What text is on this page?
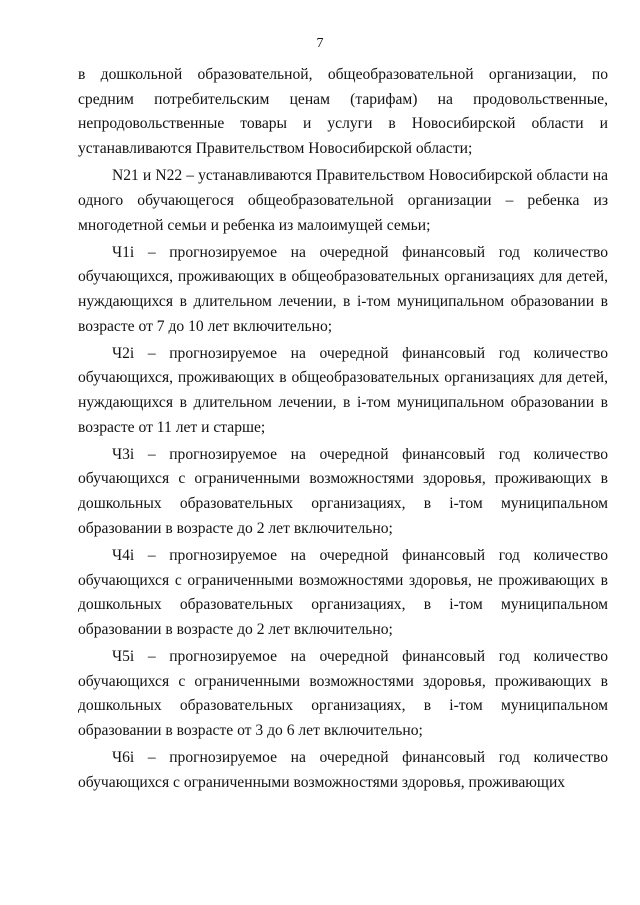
7

в дошкольной образовательной, общеобразовательной организации, по средним потребительским ценам (тарифам) на продовольственные, непродовольственные товары и услуги в Новосибирской области и устанавливаются Правительством Новосибирской области;

N21 и N22 – устанавливаются Правительством Новосибирской области на одного обучающегося общеобразовательной организации – ребенка из многодетной семьи и ребенка из малоимущей семьи;

Ч1i – прогнозируемое на очередной финансовый год количество обучающихся, проживающих в общеобразовательных организациях для детей, нуждающихся в длительном лечении, в i-том муниципальном образовании в возрасте от 7 до 10 лет включительно;

Ч2i – прогнозируемое на очередной финансовый год количество обучающихся, проживающих в общеобразовательных организациях для детей, нуждающихся в длительном лечении, в i-том муниципальном образовании в возрасте от 11 лет и старше;

Ч3i – прогнозируемое на очередной финансовый год количество обучающихся с ограниченными возможностями здоровья, проживающих в дошкольных образовательных организациях, в i-том муниципальном образовании в возрасте до 2 лет включительно;

Ч4i – прогнозируемое на очередной финансовый год количество обучающихся с ограниченными возможностями здоровья, не проживающих в дошкольных образовательных организациях, в i-том муниципальном образовании в возрасте до 2 лет включительно;

Ч5i – прогнозируемое на очередной финансовый год количество обучающихся с ограниченными возможностями здоровья, проживающих в дошкольных образовательных организациях, в i-том муниципальном образовании в возрасте от 3 до 6 лет включительно;

Ч6i – прогнозируемое на очередной финансовый год количество обучающихся с ограниченными возможностями здоровья, проживающих
